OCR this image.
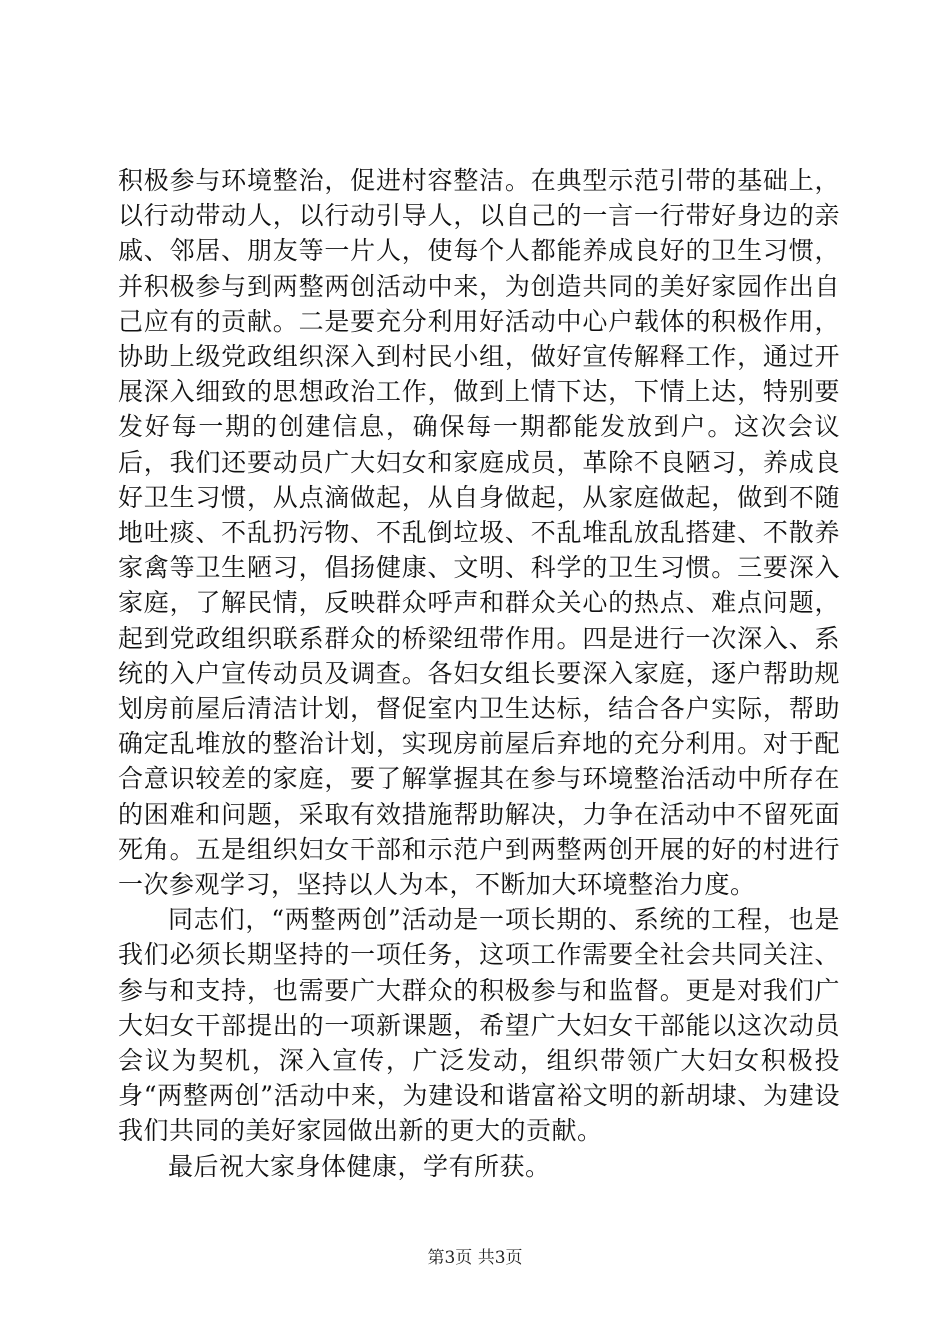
积极参与环境整治，促进村容整洁。在典型示范引带的基础上，以行动带动人，以行动引导人，以自己的一言一行带好身边的亲戚、邻居、朋友等一片人，使每个人都能养成良好的卫生习惯，并积极参与到两整两创活动中来，为创造共同的美好家园作出自己应有的贡献。二是要充分利用好活动中心户载体的积极作用，协助上级党政组织深入到村民小组，做好宣传解释工作，通过开展深入细致的思想政治工作，做到上情下达，下情上达，特别要发好每一期的创建信息，确保每一期都能发放到户。这次会议后，我们还要动员广大妇女和家庭成员，革除不良陋习，养成良好卫生习惯，从点滴做起，从自身做起，从家庭做起，做到不随地吐痰、不乱扔污物、不乱倒垃圾、不乱堆乱放乱搭建、不散养家禽等卫生陋习，倡扬健康、文明、科学的卫生习惯。三要深入家庭，了解民情，反映群众呼声和群众关心的热点、难点问题，起到党政组织联系群众的桥梁纽带作用。四是进行一次深入、系统的入户宣传动员及调查。各妇女组长要深入家庭，逐户帮助规划房前屋后清洁计划，督促室内卫生达标，结合各户实际，帮助确定乱堆放的整治计划，实现房前屋后弃地的充分利用。对于配合意识较差的家庭，要了解掌握其在参与环境整治活动中所存在的困难和问题，采取有效措施帮助解决，力争在活动中不留死面死角。五是组织妇女干部和示范户到两整两创开展的好的村进行一次参观学习，坚持以人为本，不断加大环境整治力度。

同志们，“两整两创”活动是一项长期的、系统的工程，也是我们必须长期坚持的一项任务，这项工作需要全社会共同关注、参与和支持，也需要广大群众的积极参与和监督。更是对我们广大妇女干部提出的一项新课题，希望广大妇女干部能以这次动员会议为契机，深入宣传，广泛发动，组织带领广大妇女积极投身“两整两创”活动中来，为建设和谐富裕文明的新胡埭、为建设我们共同的美好家园做出新的更大的贡献。

最后祝大家身体健康，学有所获。

第3页 共3页
